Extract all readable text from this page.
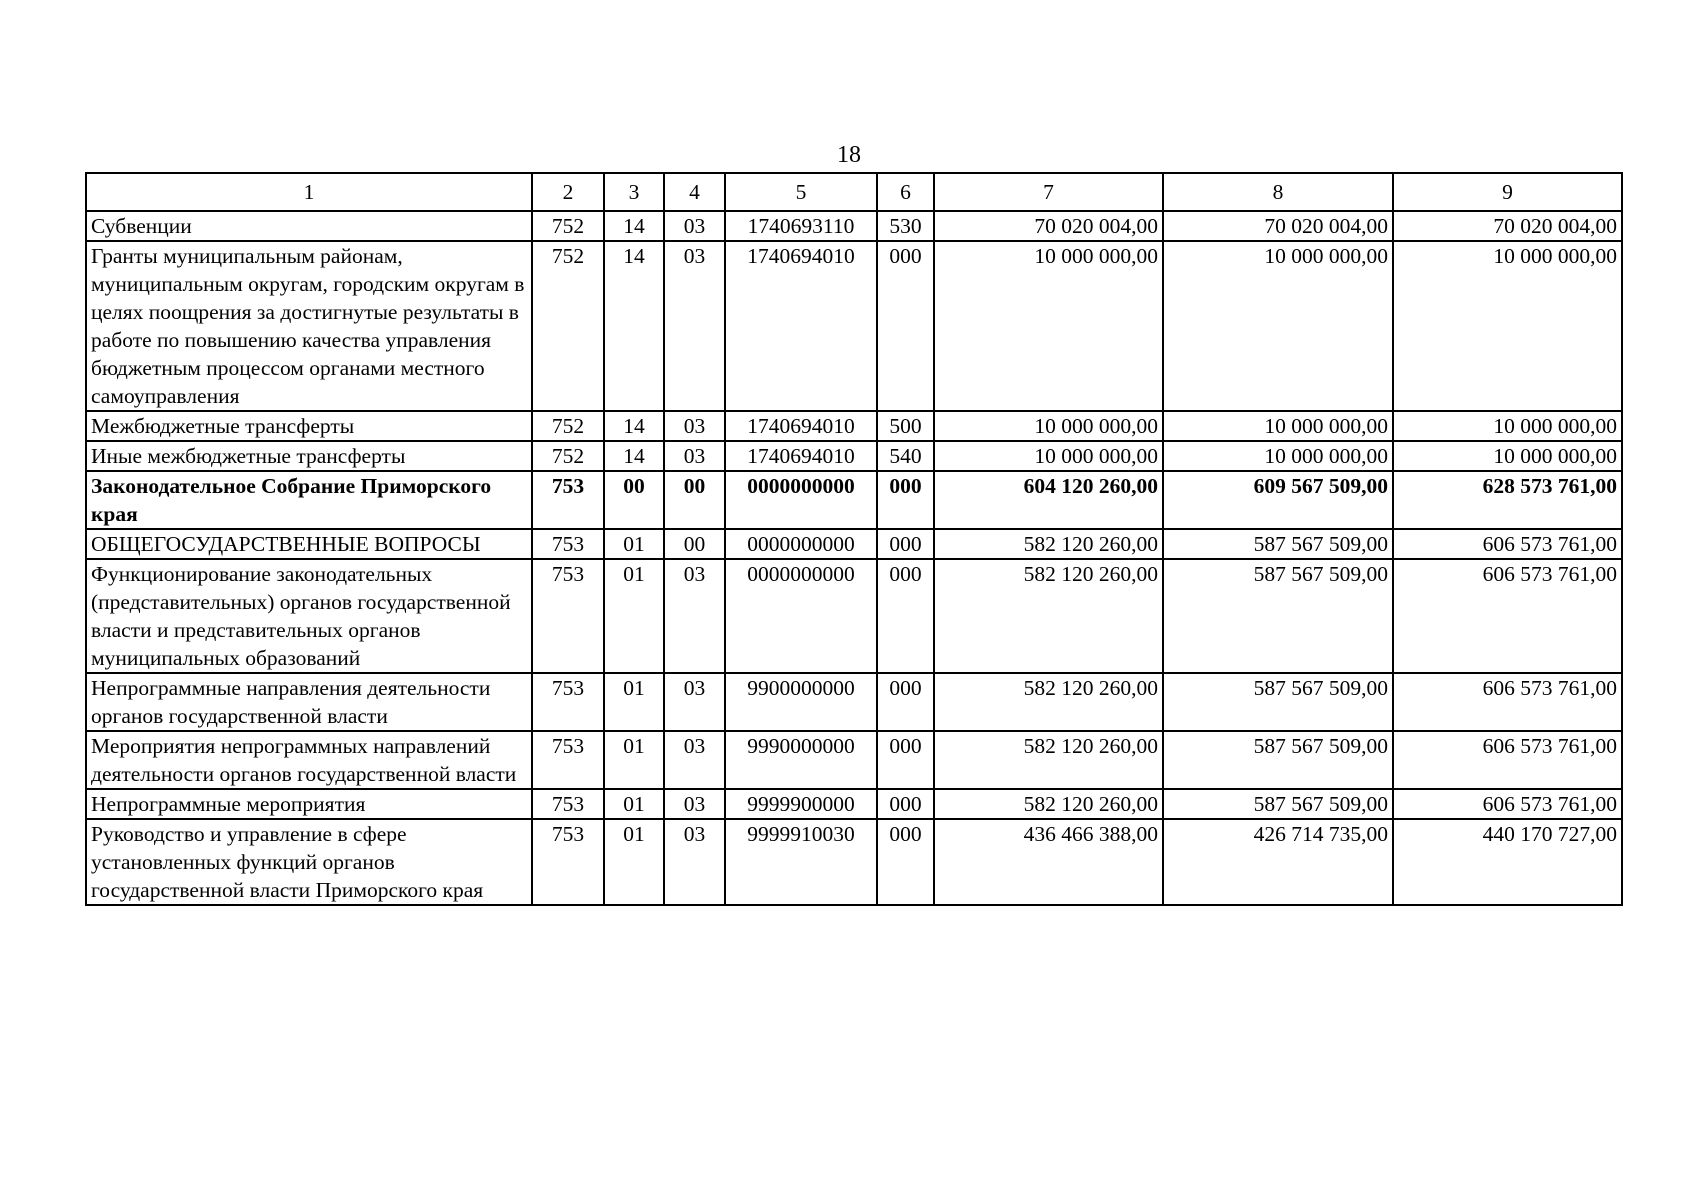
18
1	2	3	4	5	6	7	8	9
Субвенции	752	14	03	1740693110	530	70 020 004,00	70 020 004,00	70 020 004,00
Гранты муниципальным районам, муниципальным округам, городским округам в целях поощрения за достигнутые результаты в работе по повышению качества управления бюджетным процессом органами местного самоуправления	752	14	03	1740694010	000	10 000 000,00	10 000 000,00	10 000 000,00
Межбюджетные трансферты	752	14	03	1740694010	500	10 000 000,00	10 000 000,00	10 000 000,00
Иные межбюджетные трансферты	752	14	03	1740694010	540	10 000 000,00	10 000 000,00	10 000 000,00
Законодательное Собрание Приморского края	753	00	00	0000000000	000	604 120 260,00	609 567 509,00	628 573 761,00
ОБЩЕГОСУДАРСТВЕННЫЕ ВОПРОСЫ	753	01	00	0000000000	000	582 120 260,00	587 567 509,00	606 573 761,00
Функционирование законодательных (представительных) органов государственной власти и представительных органов муниципальных образований	753	01	03	0000000000	000	582 120 260,00	587 567 509,00	606 573 761,00
Непрограммные направления деятельности органов государственной власти	753	01	03	9900000000	000	582 120 260,00	587 567 509,00	606 573 761,00
Мероприятия непрограммных направлений деятельности органов государственной власти	753	01	03	9990000000	000	582 120 260,00	587 567 509,00	606 573 761,00
Непрограммные мероприятия	753	01	03	9999900000	000	582 120 260,00	587 567 509,00	606 573 761,00
Руководство и управление в сфере установленных функций органов государственной власти Приморского края	753	01	03	9999910030	000	436 466 388,00	426 714 735,00	440 170 727,00
